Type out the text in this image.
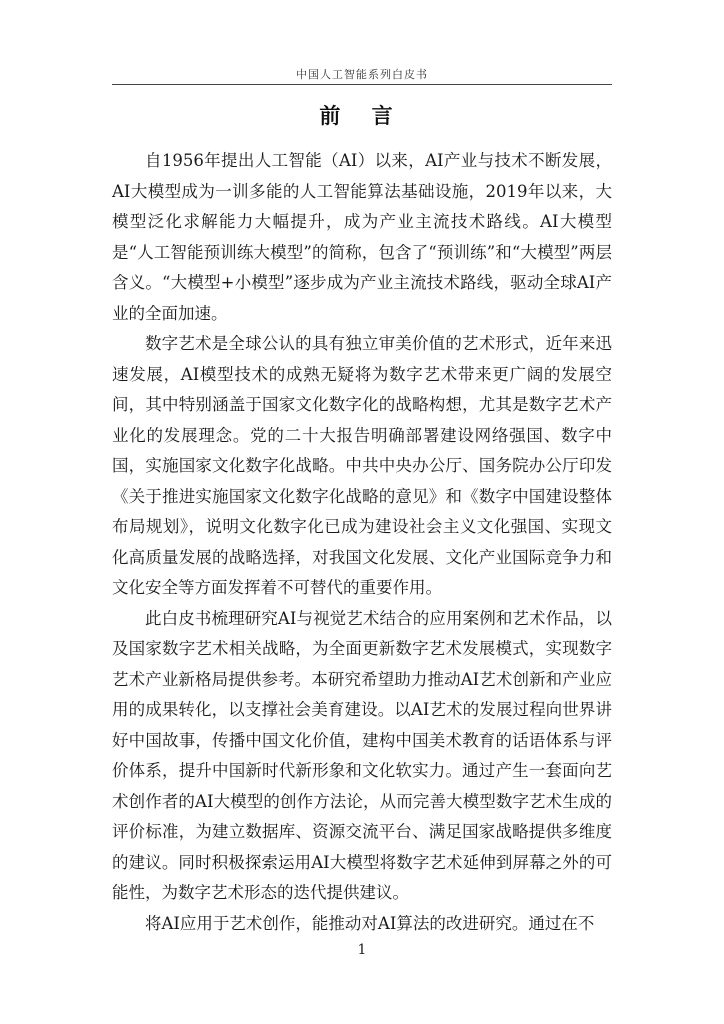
中国人工智能系列白皮书
前 言

自1956年提出人工智能（AI）以来，AI产业与技术不断发展，AI大模型成为一训多能的人工智能算法基础设施，2019年以来，大模型泛化求解能力大幅提升，成为产业主流技术路线。AI大模型是“人工智能预训练大模型”的简称，包含了“预训练”和“大模型”两层含义。“大模型+小模型”逐步成为产业主流技术路线，驱动全球AI产业的全面加速。

数字艺术是全球公认的具有独立审美价值的艺术形式，近年来迅速发展，AI模型技术的成熟无疑将为数字艺术带来更广阔的发展空间，其中特别涵盖于国家文化数字化的战略构想，尤其是数字艺术产业化的发展理念。党的二十大报告明确部署建设网络强国、数字中国，实施国家文化数字化战略。中共中央办公厅、国务院办公厅印发《关于推进实施国家文化数字化战略的意见》和《数字中国建设整体布局规划》，说明文化数字化已成为建设社会主义文化强国、实现文化高质量发展的战略选择，对我国文化发展、文化产业国际竞争力和文化安全等方面发挥着不可替代的重要作用。

此白皮书梳理研究AI与视觉艺术结合的应用案例和艺术作品，以及国家数字艺术相关战略，为全面更新数字艺术发展模式，实现数字艺术产业新格局提供参考。本研究希望助力推动AI艺术创新和产业应用的成果转化，以支撑社会美育建设。以AI艺术的发展过程向世界讲好中国故事，传播中国文化价值，建构中国美术教育的话语体系与评价体系，提升中国新时代新形象和文化软实力。通过产生一套面向艺术创作者的AI大模型的创作方法论，从而完善大模型数字艺术生成的评价标准，为建立数据库、资源交流平台、满足国家战略提供多维度的建议。同时积极探索运用AI大模型将数字艺术延伸到屏幕之外的可能性，为数字艺术形态的迭代提供建议。

将AI应用于艺术创作，能推动对AI算法的改进研究。通过在不

1
